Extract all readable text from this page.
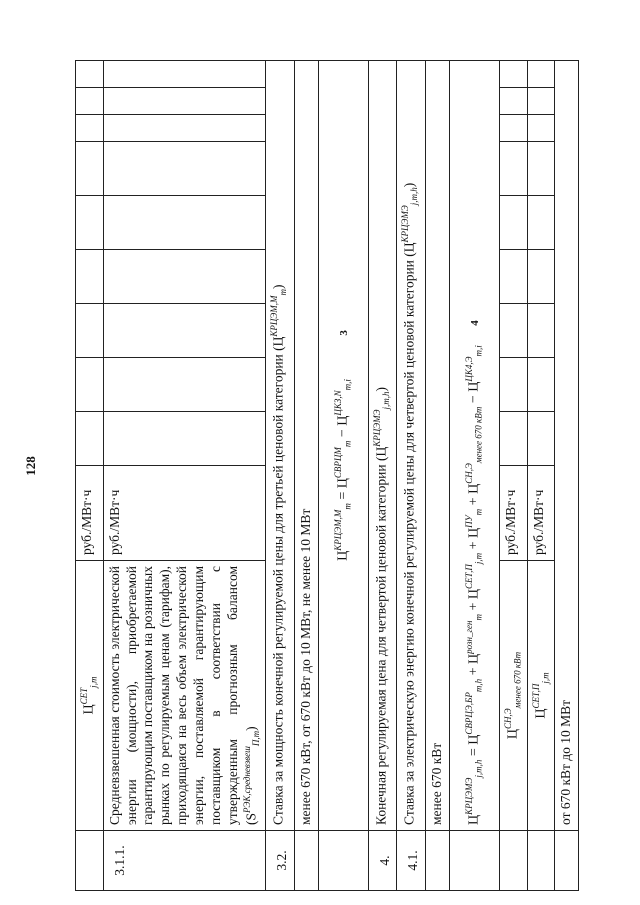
128
	$Ц^{СЕТ}_{j,m}$	руб./МВт·ч									
3.1.1.	Средневзвешенная стоимость электрической энергии (мощности), приобретаемой гарантирующим поставщиком на розничных рынках по регулируемым ценам (тарифам), приходящаяся на весь объем электрической энергии, поставляемой гарантирующим поставщиком в соответствии с утвержденным прогнозным балансом $(S^{РЭК,средневзвеш}_{П,m})$	руб./МВт·ч									
3.2.	Ставка за мощность конечной регулируемой цены для третьей ценовой категории $(Ц^{КРЦЭМ,М}_m)$										
	менее 670 кВт, от 670 кВт до 10 МВт, не менее 10 МВт										
	$Ц^{КРЦЭМ,М}_m = Ц^{СВРЦМ}_m - Ц^{ЦКЗ,N}_{m,i}$ 3										
4.	Конечная регулируемая цена для четвертой ценовой категории $(Ц^{КРЦЭМЭ}_{j,m,h})$										
4.1.	Ставка за электрическую энергию конечной регулируемой цены для четвертой ценовой категории $(Ц^{КРЦЭМЭ}_{j,m,h})$										
	менее 670 кВт										
	$Ц^{КРЦЭМЭ}_{j,m,h} = Ц^{СВРЦЭ,БР}_{m,h} + Ц^{розн\_ген}_m + Ц^{СЕТ,П}_{j,m} + Ц^{ПУ}_m + Ц^{СН,Э}_{менее 670 кВт} - Ц^{ЦК4,Э}_{m,i}$ 4										
	$Ц^{СН,Э}_{менее 670 кВт}$	руб./МВт·ч									
	$Ц^{СЕТ,П}_{j,m}$	руб./МВт·ч									
	от 670 кВт до 10 МВт										
